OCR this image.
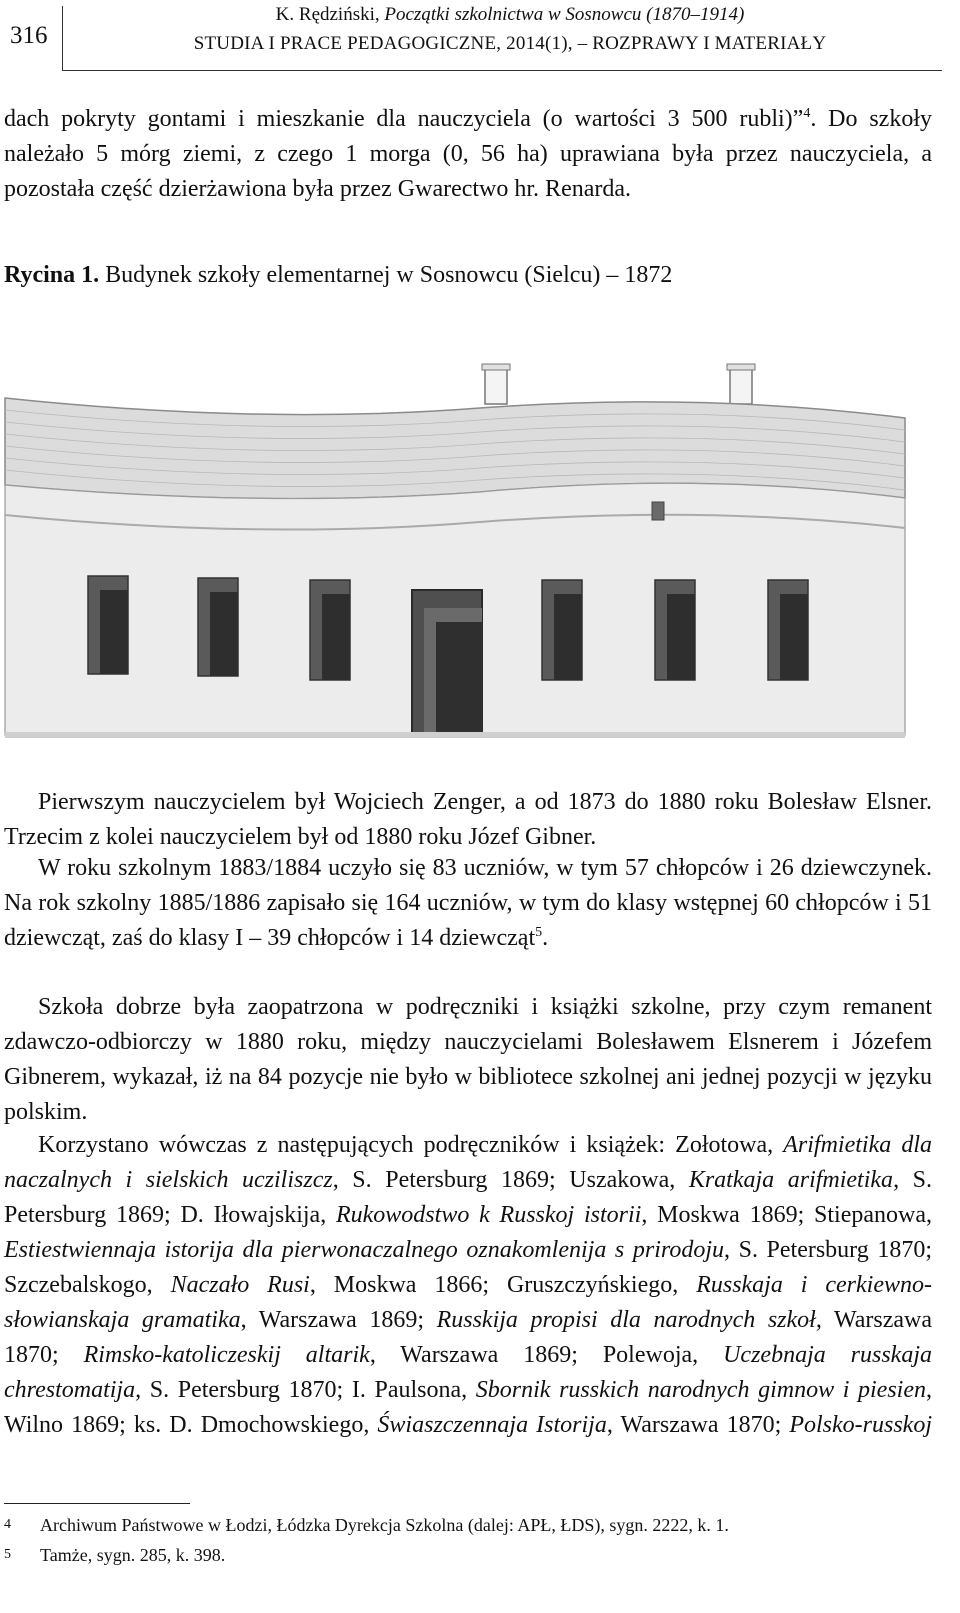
316
K. Rędziński, Początki szkolnictwa w Sosnowcu (1870–1914)
STUDIA I PRACE PEDAGOGICZNE, 2014(1), – ROZPRAWY I MATERIAŁY

dach pokryty gontami i mieszkanie dla nauczyciela (o wartości 3 500 rubli)”$^4$. Do szkoły należało 5 mórg ziemi, z czego 1 morga (0, 56 ha) uprawiana była przez nauczyciela, a pozostała część dzierżawiona była przez Gwarectwo hr. Renarda.

Rycina 1. Budynek szkoły elementarnej w Sosnowcu (Sielcu) – 1872

Pierwszym nauczycielem był Wojciech Zenger, a od 1873 do 1880 roku Bolesław Elsner. Trzecim z kolei nauczycielem był od 1880 roku Józef Gibner.

W roku szkolnym 1883/1884 uczyło się 83 uczniów, w tym 57 chłopców i 26 dziewczynek. Na rok szkolny 1885/1886 zapisało się 164 uczniów, w tym do klasy wstępnej 60 chłopców i 51 dziewcząt, zaś do klasy I – 39 chłopców i 14 dziewcząt$^5$.

Szkoła dobrze była zaopatrzona w podręczniki i książki szkolne, przy czym remanent zdawczo-odbiorczy w 1880 roku, między nauczycielami Bolesławem Elsnerem i Józefem Gibnerem, wykazał, iż na 84 pozycje nie było w bibliotece szkolnej ani jednej pozycji w języku polskim.

Korzystano wówczas z następujących podręczników i książek: Zołotowa, Arifmietika dla naczalnych i sielskich ucziliszcz, S. Petersburg 1869; Uszakowa, Kratkaja arifmietika, S. Petersburg 1869; D. Iłowajskija, Rukowodstwo k Russkoj istorii, Moskwa 1869; Stiepanowa, Estiestwiennaja istorija dla pierwonaczalnego oznakomlenija s prirodoju, S. Petersburg 1870; Szczebalskogo, Naczało Rusi, Moskwa 1866; Gruszczyńskiego, Russkaja i cerkiewno-słowianskaja gramatika, Warszawa 1869; Russkija propisi dla narodnych szkoł, Warszawa 1870; Rimsko-katoliczeskij altarik, Warszawa 1869; Polewoja, Uczebnaja russkaja chrestomatija, S. Petersburg 1870; I. Paulsona, Sbornik russkich narodnych gimnow i piesien, Wilno 1869; ks. D. Dmochowskiego, Świaszczennaja Istorija, Warszawa 1870; Polsko-russkoj

4 Archiwum Państwowe w Łodzi, Łódzka Dyrekcja Szkolna (dalej: APŁ, ŁDS), sygn. 2222, k. 1.
5 Tamże, sygn. 285, k. 398.
